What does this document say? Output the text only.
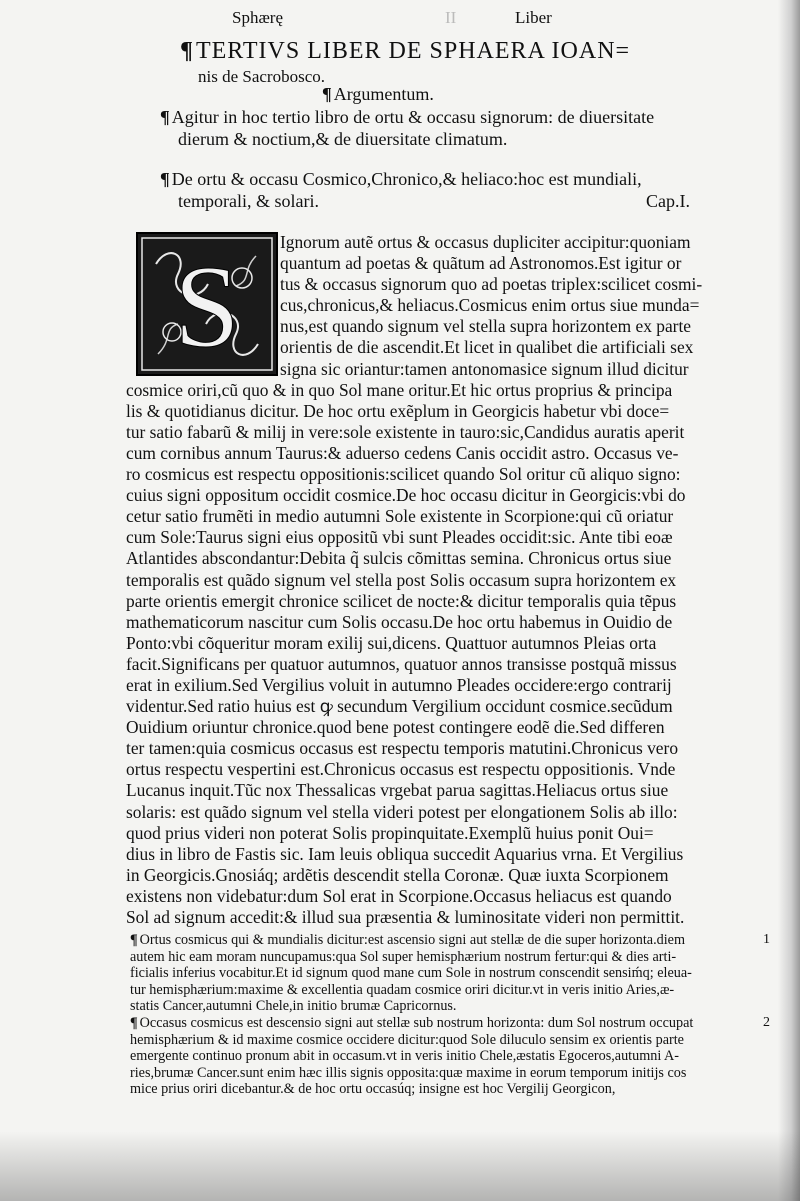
Sphærę	II	Liber
¶TERTIVS LIBER DE SPHAERA IOAN=
nis de Sacrobosco.
¶ Argumentum.
¶ Agitur in hoc tertio libro de ortu & occasu signorum: de diuersitate
dierum & noctium,& de diuersitate climatum.
¶ De ortu & occasu Cosmico,Chronico,& heliaco:hoc est mundiali,
temporali, & solari.	Cap.I.
S	Ignorum autẽ ortus & occasus dupliciter accipitur:quoniam
quantum ad poetas & quãtum ad Astronomos.Est igitur or
tus & occasus signorum quo ad poetas triplex:scilicet cosmi-
cus,chronicus,& heliacus.Cosmicus enim ortus siue munda=
nus,est quando signum vel stella supra horizontem ex parte
orientis de die ascendit.Et licet in qualibet die artificiali sex
signa sic oriantur:tamen antonomasice signum illud dicitur
cosmice oriri,cũ quo & in quo Sol mane oritur.Et hic ortus proprius & principa
lis & quotidianus dicitur. De hoc ortu exẽplum in Georgicis habetur vbi doce=
tur satio fabarũ & milij in vere:sole existente in tauro:sic,Candidus auratis aperit
cum cornibus annum Taurus:& aduerso cedens Canis occidit astro. Occasus ve-
ro cosmicus est respectu oppositionis:scilicet quando Sol oritur cũ aliquo signo:
cuius signi oppositum occidit cosmice.De hoc occasu dicitur in Georgicis:vbi do
cetur satio frumẽti in medio autumni Sole existente in Scorpione:qui cũ oriatur
cum Sole:Taurus signi eius oppositũ vbi sunt Pleades occidit:sic. Ante tibi eoæ
Atlantides abscondantur:Debita q̃ sulcis cõmittas semina. Chronicus ortus siue
temporalis est quãdo signum vel stella post Solis occasum supra horizontem ex
parte orientis emergit chronice scilicet de nocte:& dicitur temporalis quia tẽpus
mathematicorum nascitur cum Solis occasu.De hoc ortu habemus in Ouidio de
Ponto:vbi cõqueritur moram exilij sui,dicens. Quattuor autumnos Pleias orta
facit.Significans per quatuor autumnos, quatuor annos transisse postquã missus
erat in exilium.Sed Vergilius voluit in autumno Pleades occidere:ergo contrarij
videntur.Sed ratio huius est ꝙ secundum Vergilium occidunt cosmice.secũdum
Ouidium oriuntur chronice.quod bene potest contingere eodẽ die.Sed differen
ter tamen:quia cosmicus occasus est respectu temporis matutini.Chronicus vero
ortus respectu vespertini est.Chronicus occasus est respectu oppositionis. Vnde
Lucanus inquit.Tũc nox Thessalicas vrgebat parua sagittas.Heliacus ortus siue
solaris: est quãdo signum vel stella videri potest per elongationem Solis ab illo:
quod prius videri non poterat Solis propinquitate.Exemplũ huius ponit Oui=
dius in libro de Fastis sic. Iam leuis obliqua succedit Aquarius vrna. Et Vergilius
in Georgicis.Gnosiáq; ardẽtis descendit stella Coronæ. Quæ iuxta Scorpionem
existens non videbatur:dum Sol erat in Scorpione.Occasus heliacus est quando
Sol ad signum accedit:& illud sua præsentia & luminositate videri non permittit.
¶ Ortus cosmicus qui & mundialis dicitur:est ascensio signi aut stellæ de die super horizonta.diem
autem hic eam moram nuncupamus:qua Sol super hemisphærium nostrum fertur:qui & dies arti-
ficialis inferius vocabitur.Et id signum quod mane cum Sole in nostrum conscendit sensiḿq; eleua-
tur hemisphærium:maxime & excellentia quadam cosmice oriri dicitur.vt in veris initio Aries,æ-
statis Cancer,autumni Chele,in initio brumæ Capricornus.
1
¶ Occasus cosmicus est descensio signi aut stellæ sub nostrum horizonta: dum Sol nostrum occupat
hemisphærium & id maxime cosmice occidere dicitur:quod Sole diluculo sensim ex orientis parte
emergente continuo pronum abit in occasum.vt in veris initio Chele,æstatis Egoceros,autumni A-
ries,brumæ Cancer.sunt enim hæc illis signis opposita:quæ maxime in eorum temporum initijs cos
mice prius oriri dicebantur.& de hoc ortu occasúq; insigne est hoc Vergilij Georgicon,
2
